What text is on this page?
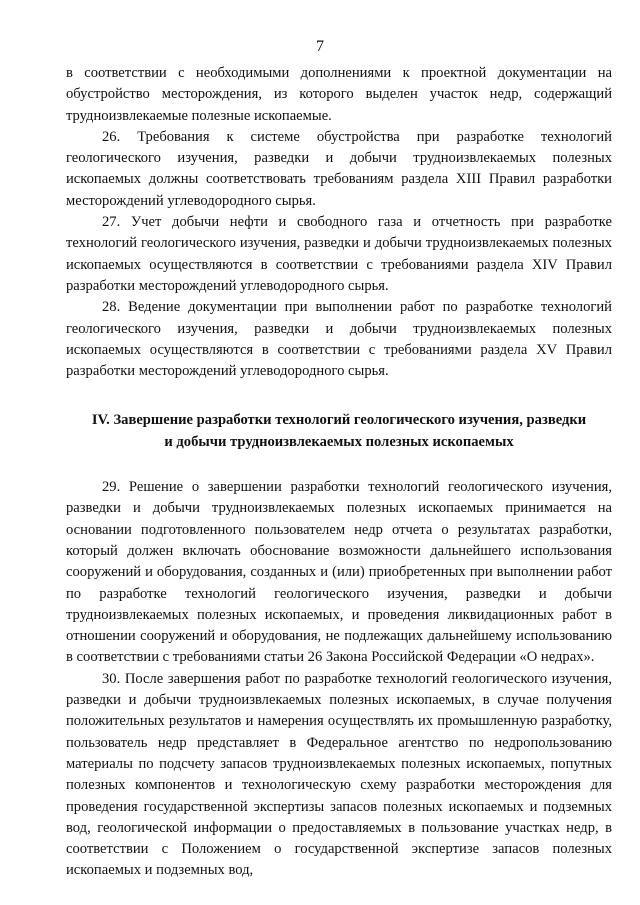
7

в соответствии с необходимыми дополнениями к проектной документации на обустройство месторождения, из которого выделен участок недр, содержащий трудноизвлекаемые полезные ископаемые.

26. Требования к системе обустройства при разработке технологий геологического изучения, разведки и добычи трудноизвлекаемых полезных ископаемых должны соответствовать требованиям раздела XIII Правил разработки месторождений углеводородного сырья.

27. Учет добычи нефти и свободного газа и отчетность при разработке технологий геологического изучения, разведки и добычи трудноизвлекаемых полезных ископаемых осуществляются в соответствии с требованиями раздела XIV Правил разработки месторождений углеводородного сырья.

28. Ведение документации при выполнении работ по разработке технологий геологического изучения, разведки и добычи трудноизвлекаемых полезных ископаемых осуществляются в соответствии с требованиями раздела XV Правил разработки месторождений углеводородного сырья.

IV. Завершение разработки технологий геологического изучения, разведки
и добычи трудноизвлекаемых полезных ископаемых

29. Решение о завершении разработки технологий геологического изучения, разведки и добычи трудноизвлекаемых полезных ископаемых принимается на основании подготовленного пользователем недр отчета о результатах разработки, который должен включать обоснование возможности дальнейшего использования сооружений и оборудования, созданных и (или) приобретенных при выполнении работ по разработке технологий геологического изучения, разведки и добычи трудноизвлекаемых полезных ископаемых, и проведения ликвидационных работ в отношении сооружений и оборудования, не подлежащих дальнейшему использованию в соответствии с требованиями статьи 26 Закона Российской Федерации «О недрах».

30. После завершения работ по разработке технологий геологического изучения, разведки и добычи трудноизвлекаемых полезных ископаемых, в случае получения положительных результатов и намерения осуществлять их промышленную разработку, пользователь недр представляет в Федеральное агентство по недропользованию материалы по подсчету запасов трудноизвлекаемых полезных ископаемых, попутных полезных компонентов и технологическую схему разработки месторождения для проведения государственной экспертизы запасов полезных ископаемых и подземных вод, геологической информации о предоставляемых в пользование участках недр, в соответствии с Положением о государственной экспертизе запасов полезных ископаемых и подземных вод,
